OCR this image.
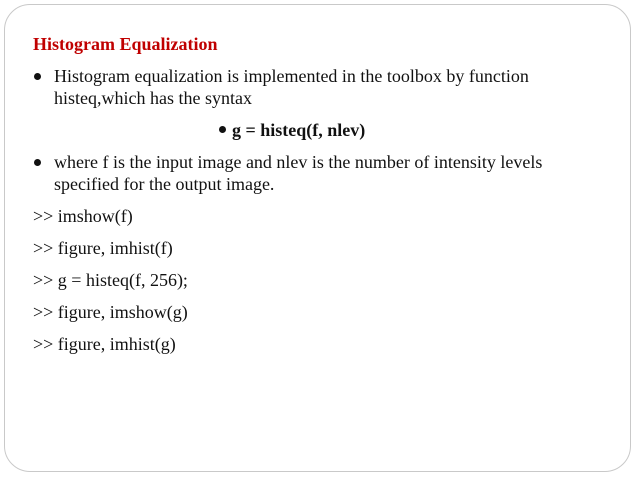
Histogram Equalization
Histogram equalization is implemented in the toolbox by function histeq,which has the syntax
g = histeq(f, nlev)
where f is the input image and nlev is the number of intensity levels specified for the output image.
>> imshow(f)
>> figure, imhist(f)
>> g = histeq(f, 256);
>> figure, imshow(g)
>> figure, imhist(g)
